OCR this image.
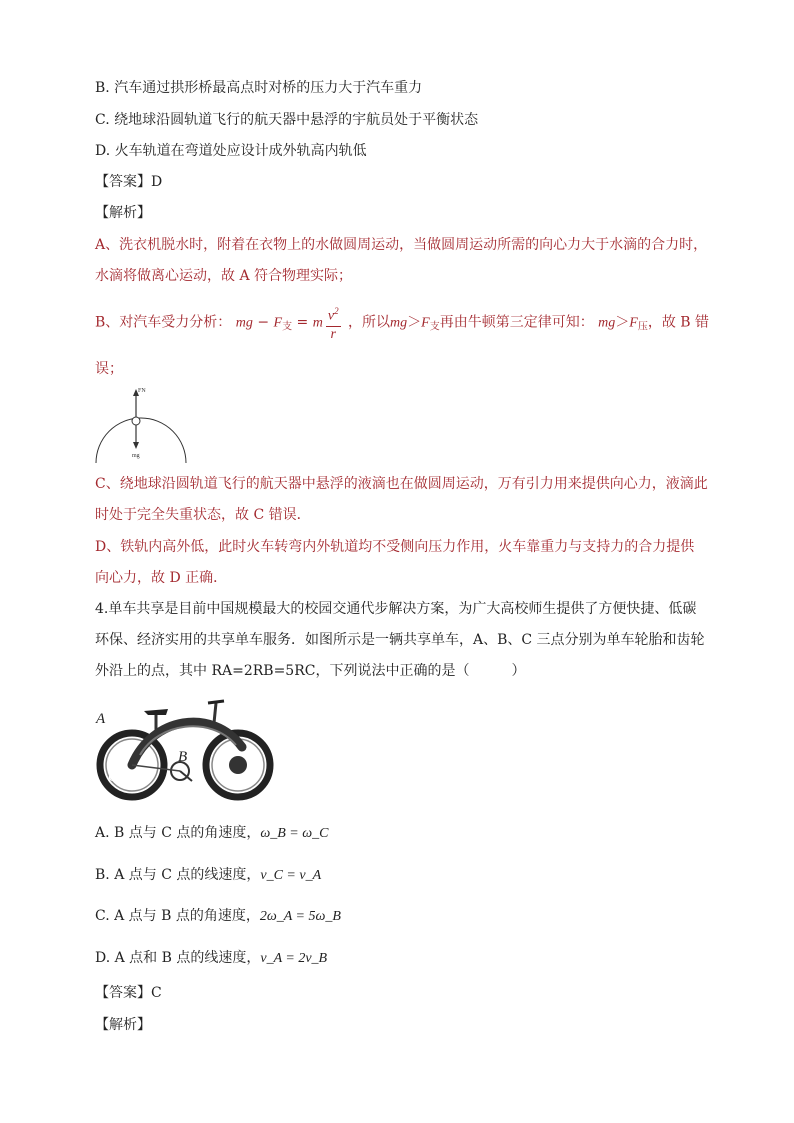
B. 汽车通过拱形桥最高点时对桥的压力大于汽车重力
C. 绕地球沿圆轨道飞行的航天器中悬浮的宇航员处于平衡状态
D. 火车轨道在弯道处应设计成外轨高内轨低
【答案】D
【解析】
A、洗衣机脱水时，附着在衣物上的水做圆周运动，当做圆周运动所需的向心力大于水滴的合力时，
水滴将做离心运动，故 A 符合物理实际；
B、对汽车受力分析： mg − $F_支 = m \frac{v^2}{r}$ ，所以$mg>F_支$再由牛顿第三定律可知： $mg>F_压$，故 B 错
误；
FN
mg
C、绕地球沿圆轨道飞行的航天器中悬浮的液滴也在做圆周运动，万有引力用来提供向心力，液滴此
时处于完全失重状态，故 C 错误．
D、铁轨内高外低，此时火车转弯内外轨道均不受侧向压力作用，火车靠重力与支持力的合力提供
向心力，故 D 正确．
4.单车共享是目前中国规模最大的校园交通代步解决方案，为广大高校师生提供了方便快捷、低碳
环保、经济实用的共享单车服务．如图所示是一辆共享单车，A、B、C 三点分别为单车轮胎和齿轮
外沿上的点，其中 RA=2RB=5RC，下列说法中正确的是（　　　）
A
B
C
A. B 点与 C 点的角速度，ω_B = ω_C
B. A 点与 C 点的线速度，v_C = v_A
C. A 点与 B 点的角速度，2ω_A = 5ω_B
D. A 点和 B 点的线速度，v_A = 2v_B
【答案】C
【解析】
